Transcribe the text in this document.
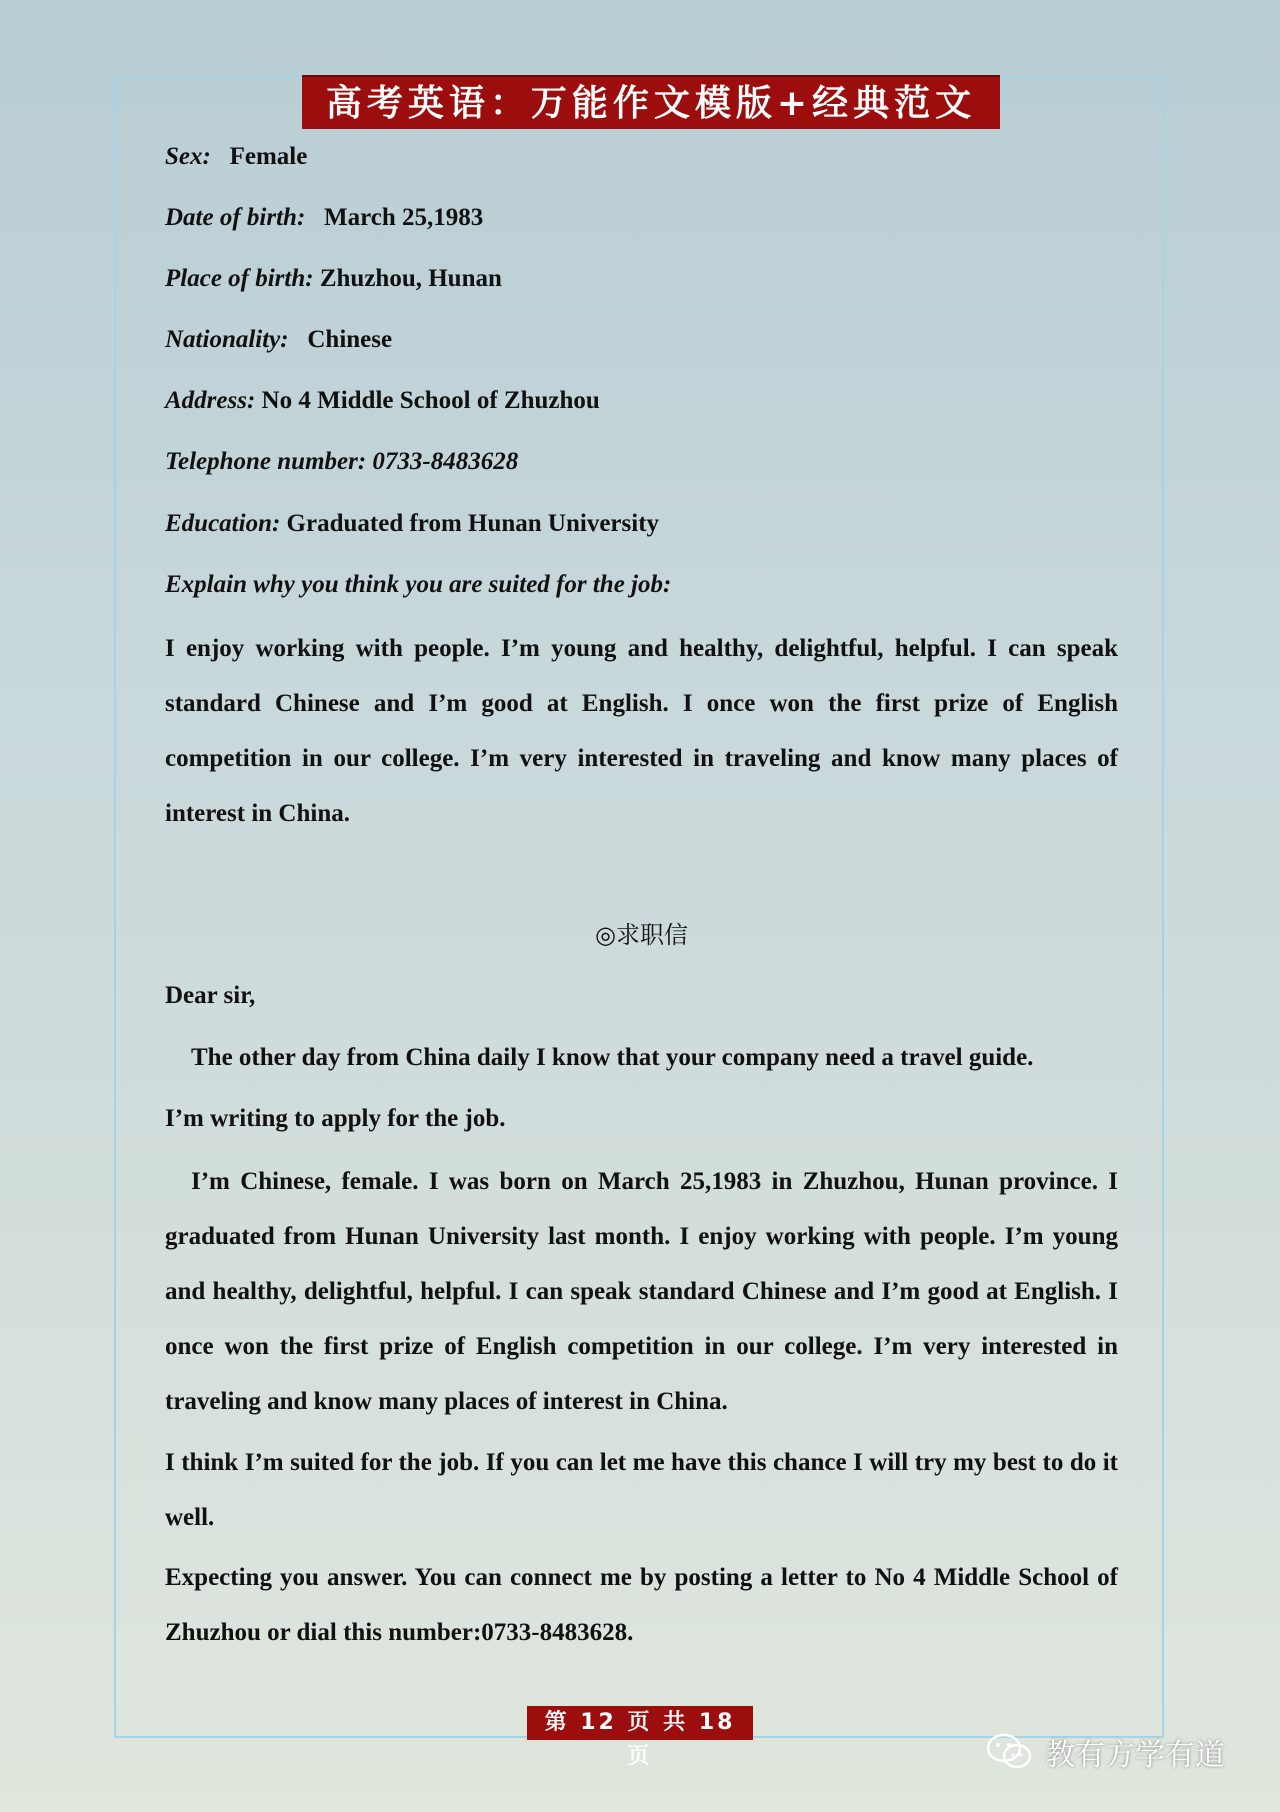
高考英语：万能作文模版+经典范文
Sex: Female
Date of birth: March 25,1983
Place of birth: Zhuzhou, Hunan
Nationality: Chinese
Address: No 4 Middle School of Zhuzhou
Telephone number: 0733-8483628
Education: Graduated from Hunan University
Explain why you think you are suited for the job:
I enjoy working with people. I’m young and healthy, delightful, helpful. I can speak standard Chinese and I’m good at English. I once won the first prize of English competition in our college. I’m very interested in traveling and know many places of interest in China.
◎求职信
Dear sir,
The other day from China daily I know that your company need a travel guide.
I’m writing to apply for the job.
I’m Chinese, female. I was born on March 25,1983 in Zhuzhou, Hunan province. I graduated from Hunan University last month. I enjoy working with people. I’m young and healthy, delightful, helpful. I can speak standard Chinese and I’m good at English. I once won the first prize of English competition in our college. I’m very interested in traveling and know many places of interest in China.
I think I’m suited for the job. If you can let me have this chance I will try my best to do it well.
Expecting you answer. You can connect me by posting a letter to No 4 Middle School of Zhuzhou or dial this number:0733-8483628.
第 12 页 共 18 页	教有方学有道
